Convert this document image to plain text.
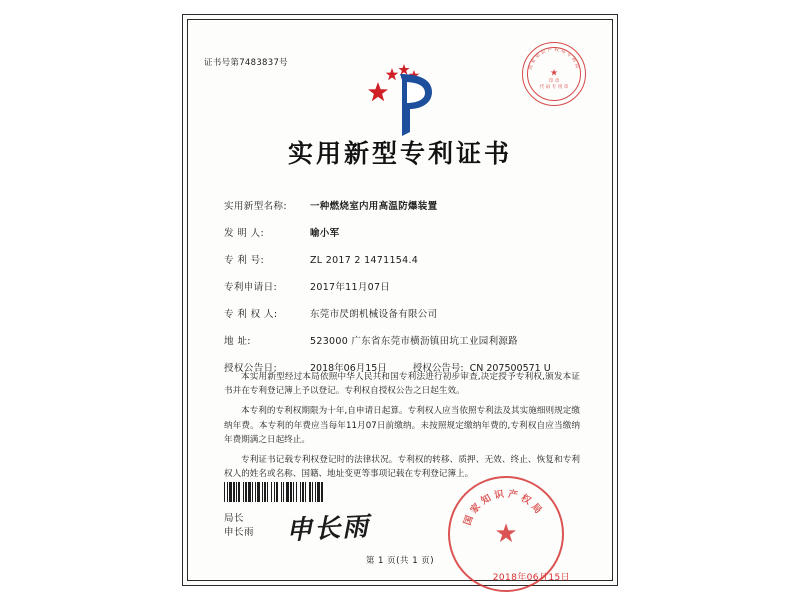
证书号第7483837号
★
国
家
知
识 产 权 局 专
利
局
印 章
代 码 专 用 章
实用新型专利证书
实用新型名称:	一种燃烧室内用高温防爆装置
发 明 人:	喻小军
专 利 号:	ZL 2017 2 1471154.4
专利申请日:	2017年11月07日
专 利 权 人:	东莞市昃朗机械设备有限公司
地 址:	523000 广东省东莞市横沥镇田坑工业园利源路
授权公告日:	2018年06月15日	授权公告号: CN 207500571 U

本实用新型经过本局依照中华人民共和国专利法进行初步审查,决定授予专利权,颁发本证书并在专利登记簿上予以登记。专利权自授权公告之日起生效。

本专利的专利权期限为十年,自申请日起算。专利权人应当依照专利法及其实施细则规定缴纳年费。本专利的年费应当每年11月07日前缴纳。未按照规定缴纳年费的,专利权自应当缴纳年费期满之日起终止。

专利证书记载专利权登记时的法律状况。专利权的转移、质押、无效、终止、恢复和专利权人的姓名或名称、国籍、地址变更等事项记载在专利登记簿上。

局长
申长雨 申长雨	国
家
知 识 产 权
局
★
2018年06月15日
第 1 页(共 1 页)
